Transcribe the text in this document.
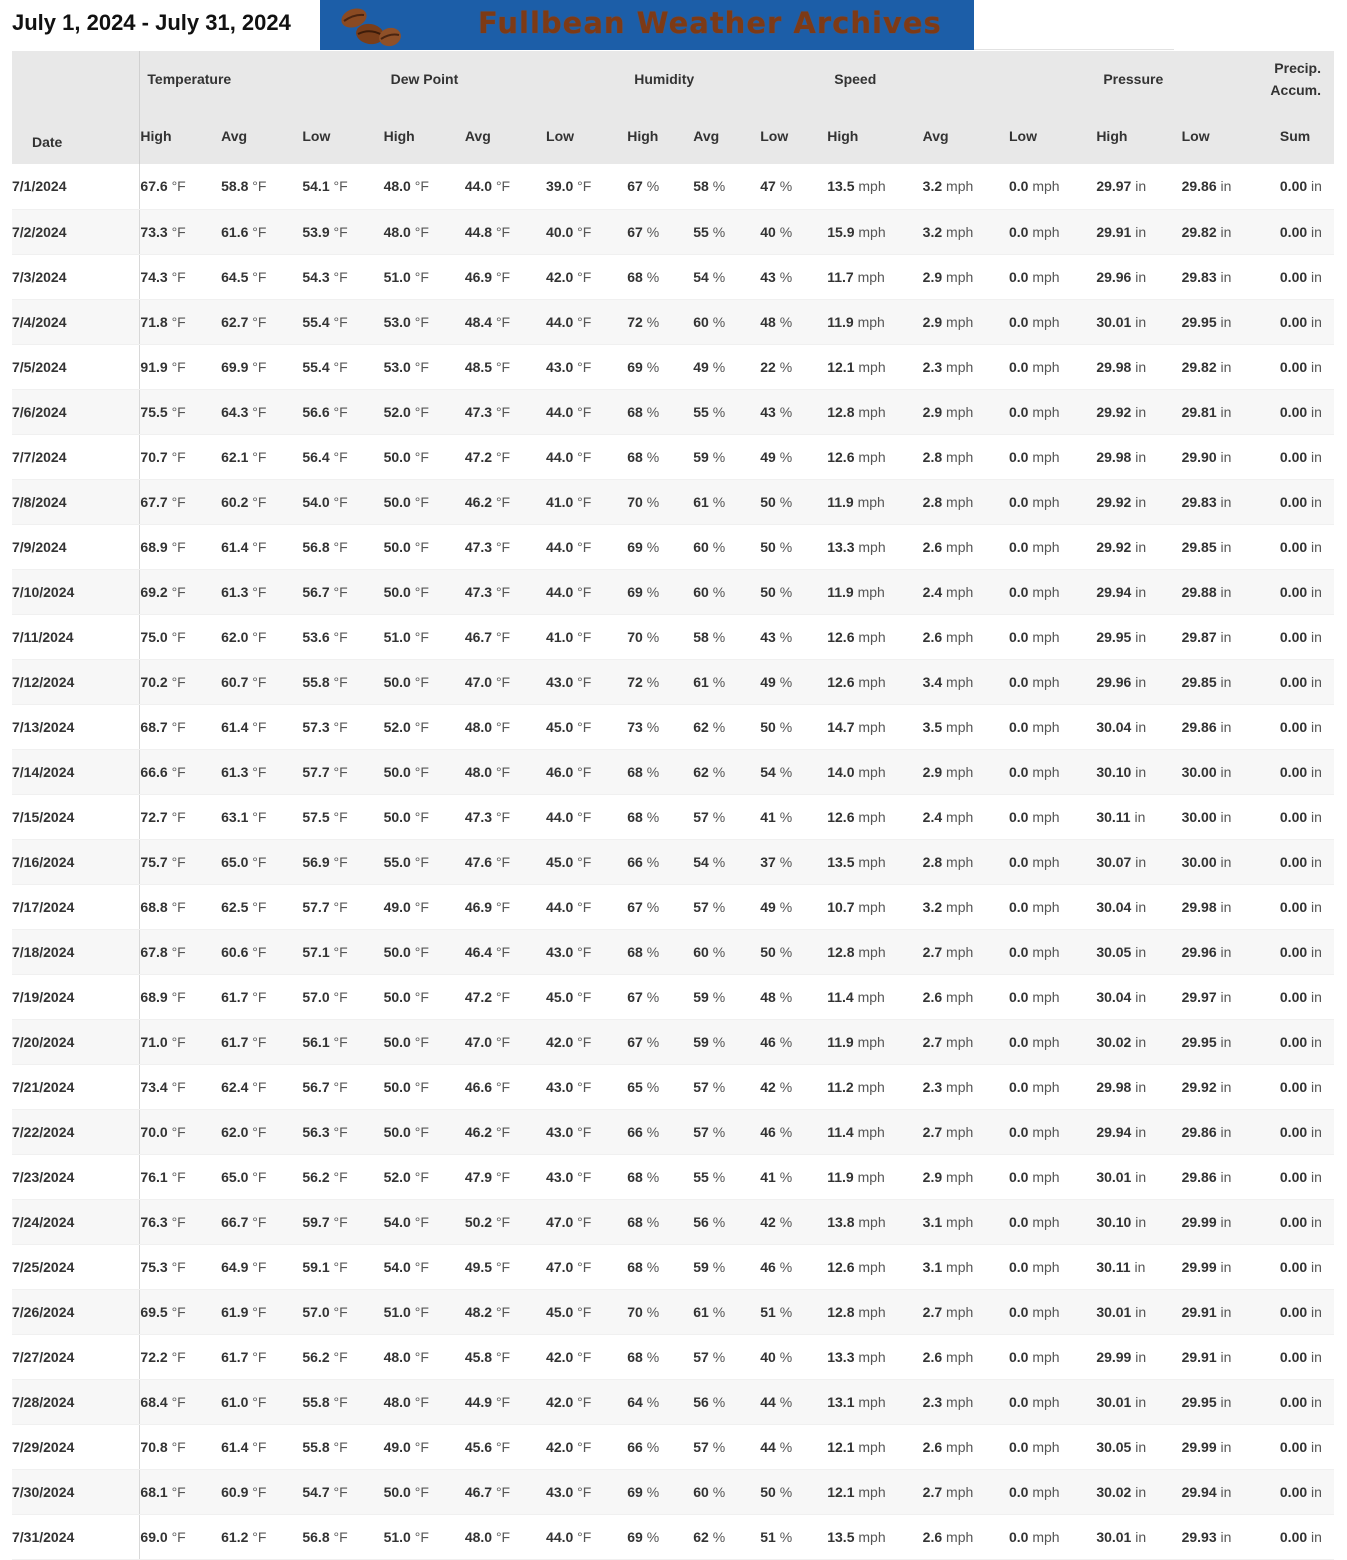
July 1, 2024 - July 31, 2024	Fullbean Weather Archives
Date	Temperature			Dew Point			Humidity			Speed			Pressure		Precip. Accum.
	High	Avg	Low	High	Avg	Low	High	Avg	Low	High	Avg	Low	High	Low	Sum
7/1/2024	67.6 °F	58.8 °F	54.1 °F	48.0 °F	44.0 °F	39.0 °F	67 %	58 %	47 %	13.5 mph	3.2 mph	0.0 mph	29.97 in	29.86 in	0.00 in
7/2/2024	73.3 °F	61.6 °F	53.9 °F	48.0 °F	44.8 °F	40.0 °F	67 %	55 %	40 %	15.9 mph	3.2 mph	0.0 mph	29.91 in	29.82 in	0.00 in
7/3/2024	74.3 °F	64.5 °F	54.3 °F	51.0 °F	46.9 °F	42.0 °F	68 %	54 %	43 %	11.7 mph	2.9 mph	0.0 mph	29.96 in	29.83 in	0.00 in
7/4/2024	71.8 °F	62.7 °F	55.4 °F	53.0 °F	48.4 °F	44.0 °F	72 %	60 %	48 %	11.9 mph	2.9 mph	0.0 mph	30.01 in	29.95 in	0.00 in
7/5/2024	91.9 °F	69.9 °F	55.4 °F	53.0 °F	48.5 °F	43.0 °F	69 %	49 %	22 %	12.1 mph	2.3 mph	0.0 mph	29.98 in	29.82 in	0.00 in
7/6/2024	75.5 °F	64.3 °F	56.6 °F	52.0 °F	47.3 °F	44.0 °F	68 %	55 %	43 %	12.8 mph	2.9 mph	0.0 mph	29.92 in	29.81 in	0.00 in
7/7/2024	70.7 °F	62.1 °F	56.4 °F	50.0 °F	47.2 °F	44.0 °F	68 %	59 %	49 %	12.6 mph	2.8 mph	0.0 mph	29.98 in	29.90 in	0.00 in
7/8/2024	67.7 °F	60.2 °F	54.0 °F	50.0 °F	46.2 °F	41.0 °F	70 %	61 %	50 %	11.9 mph	2.8 mph	0.0 mph	29.92 in	29.83 in	0.00 in
7/9/2024	68.9 °F	61.4 °F	56.8 °F	50.0 °F	47.3 °F	44.0 °F	69 %	60 %	50 %	13.3 mph	2.6 mph	0.0 mph	29.92 in	29.85 in	0.00 in
7/10/2024	69.2 °F	61.3 °F	56.7 °F	50.0 °F	47.3 °F	44.0 °F	69 %	60 %	50 %	11.9 mph	2.4 mph	0.0 mph	29.94 in	29.88 in	0.00 in
7/11/2024	75.0 °F	62.0 °F	53.6 °F	51.0 °F	46.7 °F	41.0 °F	70 %	58 %	43 %	12.6 mph	2.6 mph	0.0 mph	29.95 in	29.87 in	0.00 in
7/12/2024	70.2 °F	60.7 °F	55.8 °F	50.0 °F	47.0 °F	43.0 °F	72 %	61 %	49 %	12.6 mph	3.4 mph	0.0 mph	29.96 in	29.85 in	0.00 in
7/13/2024	68.7 °F	61.4 °F	57.3 °F	52.0 °F	48.0 °F	45.0 °F	73 %	62 %	50 %	14.7 mph	3.5 mph	0.0 mph	30.04 in	29.86 in	0.00 in
7/14/2024	66.6 °F	61.3 °F	57.7 °F	50.0 °F	48.0 °F	46.0 °F	68 %	62 %	54 %	14.0 mph	2.9 mph	0.0 mph	30.10 in	30.00 in	0.00 in
7/15/2024	72.7 °F	63.1 °F	57.5 °F	50.0 °F	47.3 °F	44.0 °F	68 %	57 %	41 %	12.6 mph	2.4 mph	0.0 mph	30.11 in	30.00 in	0.00 in
7/16/2024	75.7 °F	65.0 °F	56.9 °F	55.0 °F	47.6 °F	45.0 °F	66 %	54 %	37 %	13.5 mph	2.8 mph	0.0 mph	30.07 in	30.00 in	0.00 in
7/17/2024	68.8 °F	62.5 °F	57.7 °F	49.0 °F	46.9 °F	44.0 °F	67 %	57 %	49 %	10.7 mph	3.2 mph	0.0 mph	30.04 in	29.98 in	0.00 in
7/18/2024	67.8 °F	60.6 °F	57.1 °F	50.0 °F	46.4 °F	43.0 °F	68 %	60 %	50 %	12.8 mph	2.7 mph	0.0 mph	30.05 in	29.96 in	0.00 in
7/19/2024	68.9 °F	61.7 °F	57.0 °F	50.0 °F	47.2 °F	45.0 °F	67 %	59 %	48 %	11.4 mph	2.6 mph	0.0 mph	30.04 in	29.97 in	0.00 in
7/20/2024	71.0 °F	61.7 °F	56.1 °F	50.0 °F	47.0 °F	42.0 °F	67 %	59 %	46 %	11.9 mph	2.7 mph	0.0 mph	30.02 in	29.95 in	0.00 in
7/21/2024	73.4 °F	62.4 °F	56.7 °F	50.0 °F	46.6 °F	43.0 °F	65 %	57 %	42 %	11.2 mph	2.3 mph	0.0 mph	29.98 in	29.92 in	0.00 in
7/22/2024	70.0 °F	62.0 °F	56.3 °F	50.0 °F	46.2 °F	43.0 °F	66 %	57 %	46 %	11.4 mph	2.7 mph	0.0 mph	29.94 in	29.86 in	0.00 in
7/23/2024	76.1 °F	65.0 °F	56.2 °F	52.0 °F	47.9 °F	43.0 °F	68 %	55 %	41 %	11.9 mph	2.9 mph	0.0 mph	30.01 in	29.86 in	0.00 in
7/24/2024	76.3 °F	66.7 °F	59.7 °F	54.0 °F	50.2 °F	47.0 °F	68 %	56 %	42 %	13.8 mph	3.1 mph	0.0 mph	30.10 in	29.99 in	0.00 in
7/25/2024	75.3 °F	64.9 °F	59.1 °F	54.0 °F	49.5 °F	47.0 °F	68 %	59 %	46 %	12.6 mph	3.1 mph	0.0 mph	30.11 in	29.99 in	0.00 in
7/26/2024	69.5 °F	61.9 °F	57.0 °F	51.0 °F	48.2 °F	45.0 °F	70 %	61 %	51 %	12.8 mph	2.7 mph	0.0 mph	30.01 in	29.91 in	0.00 in
7/27/2024	72.2 °F	61.7 °F	56.2 °F	48.0 °F	45.8 °F	42.0 °F	68 %	57 %	40 %	13.3 mph	2.6 mph	0.0 mph	29.99 in	29.91 in	0.00 in
7/28/2024	68.4 °F	61.0 °F	55.8 °F	48.0 °F	44.9 °F	42.0 °F	64 %	56 %	44 %	13.1 mph	2.3 mph	0.0 mph	30.01 in	29.95 in	0.00 in
7/29/2024	70.8 °F	61.4 °F	55.8 °F	49.0 °F	45.6 °F	42.0 °F	66 %	57 %	44 %	12.1 mph	2.6 mph	0.0 mph	30.05 in	29.99 in	0.00 in
7/30/2024	68.1 °F	60.9 °F	54.7 °F	50.0 °F	46.7 °F	43.0 °F	69 %	60 %	50 %	12.1 mph	2.7 mph	0.0 mph	30.02 in	29.94 in	0.00 in
7/31/2024	69.0 °F	61.2 °F	56.8 °F	51.0 °F	48.0 °F	44.0 °F	69 %	62 %	51 %	13.5 mph	2.6 mph	0.0 mph	30.01 in	29.93 in	0.00 in
